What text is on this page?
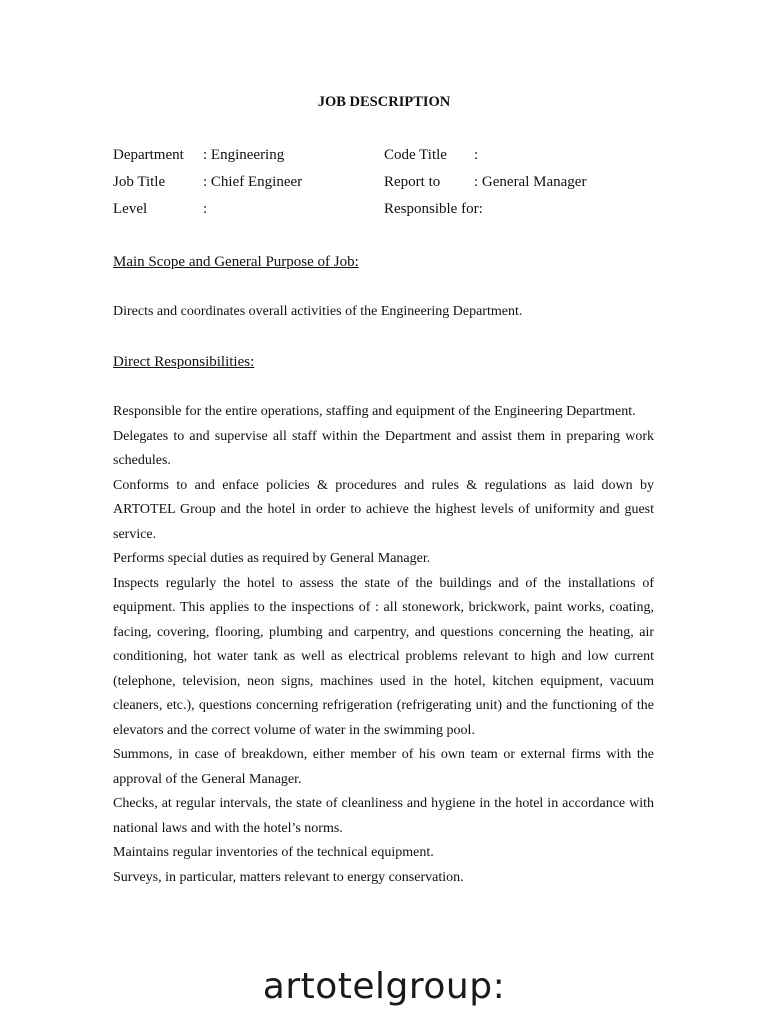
JOB DESCRIPTION
Department : Engineering	Code Title :
Job Title	: Chief Engineer	Report to : General Manager
Level	:	Responsible for:
Main Scope and General Purpose of Job:
Directs and coordinates overall activities of the Engineering Department.
Direct Responsibilities:
Responsible for the entire operations, staffing and equipment of the Engineering Department.
Delegates to and supervise all staff within the Department and assist them in preparing work schedules.
Conforms to and enface policies & procedures and rules & regulations as laid down by ARTOTEL Group and the hotel in order to achieve the highest levels of uniformity and guest service.
Performs special duties as required by General Manager.
Inspects regularly the hotel to assess the state of the buildings and of the installations of equipment. This applies to the inspections of : all stonework, brickwork, paint works, coating, facing, covering, flooring, plumbing and carpentry, and questions concerning the heating, air conditioning, hot water tank as well as electrical problems relevant to high and low current (telephone, television, neon signs, machines used in the hotel, kitchen equipment, vacuum cleaners, etc.), questions concerning refrigeration (refrigerating unit) and the functioning of the elevators and the correct volume of water in the swimming pool.
Summons, in case of breakdown, either member of his own team or external firms with the approval of the General Manager.
Checks, at regular intervals, the state of cleanliness and hygiene in the hotel in accordance with national laws and with the hotel’s norms.
Maintains regular inventories of the technical equipment.
Surveys, in particular, matters relevant to energy conservation.
artotelgroup:
